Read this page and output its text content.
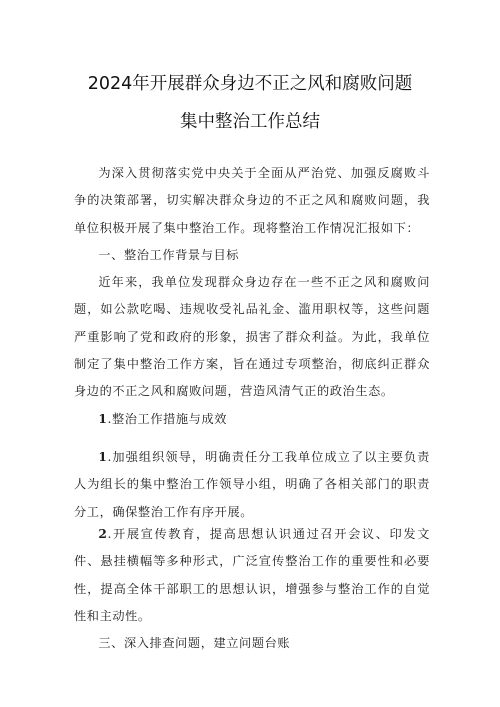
2024年开展群众身边不正之风和腐败问题
集中整治工作总结

为深入贯彻落实党中央关于全面从严治党、加强反腐败斗争的决策部署，切实解决群众身边的不正之风和腐败问题，我单位积极开展了集中整治工作。现将整治工作情况汇报如下：

一、整治工作背景与目标

近年来，我单位发现群众身边存在一些不正之风和腐败问题，如公款吃喝、违规收受礼品礼金、滥用职权等，这些问题严重影响了党和政府的形象，损害了群众利益。为此，我单位制定了集中整治工作方案，旨在通过专项整治，彻底纠正群众身边的不正之风和腐败问题，营造风清气正的政治生态。

1.整治工作措施与成效

1.加强组织领导，明确责任分工我单位成立了以主要负责人为组长的集中整治工作领导小组，明确了各相关部门的职责分工，确保整治工作有序开展。

2.开展宣传教育，提高思想认识通过召开会议、印发文件、悬挂横幅等多种形式，广泛宣传整治工作的重要性和必要性，提高全体干部职工的思想认识，增强参与整治工作的自觉性和主动性。

三、深入排查问题，建立问题台账
